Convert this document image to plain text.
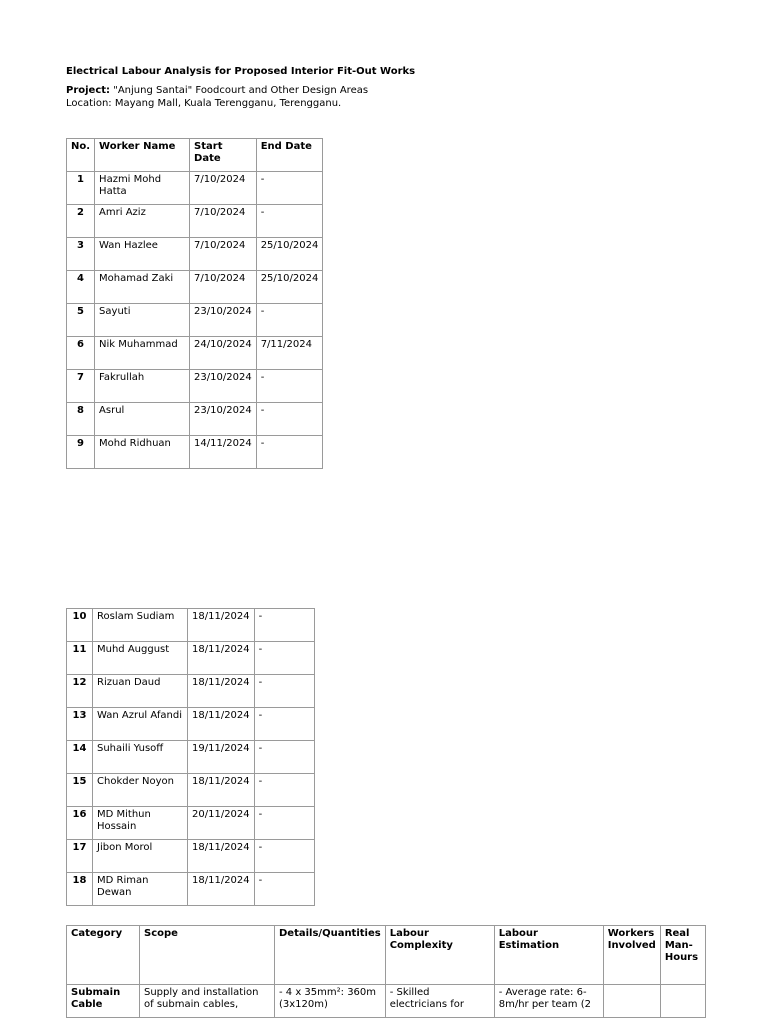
Electrical Labour Analysis for Proposed Interior Fit-Out Works
Project: "Anjung Santai" Foodcourt and Other Design Areas
Location: Mayang Mall, Kuala Terengganu, Terengganu.
No.	Worker Name	Start Date	End Date
1	Hazmi Mohd Hatta	7/10/2024	-
2	Amri Aziz	7/10/2024	-
3	Wan Hazlee	7/10/2024	25/10/2024
4	Mohamad Zaki	7/10/2024	25/10/2024
5	Sayuti	23/10/2024	-
6	Nik Muhammad	24/10/2024	7/11/2024
7	Fakrullah	23/10/2024	-
8	Asrul	23/10/2024	-
9	Mohd Ridhuan	14/11/2024	-
10	Roslam Sudiam	18/11/2024	-
11	Muhd Auggust	18/11/2024	-
12	Rizuan Daud	18/11/2024	-
13	Wan Azrul Afandi	18/11/2024	-
14	Suhaili Yusoff	19/11/2024	-
15	Chokder Noyon	18/11/2024	-
16	MD Mithun Hossain	20/11/2024	-
17	Jibon Morol	18/11/2024	-
18	MD Riman Dewan	18/11/2024	-
Category	Scope	Details/Quantities	Labour Complexity	Labour Estimation	Workers Involved	Real Man-Hours
Submain Cable	Supply and installation of submain cables,	- 4 x 35mm²: 360m (3x120m)	- Skilled electricians for	- Average rate: 6-8m/hr per team (2		
